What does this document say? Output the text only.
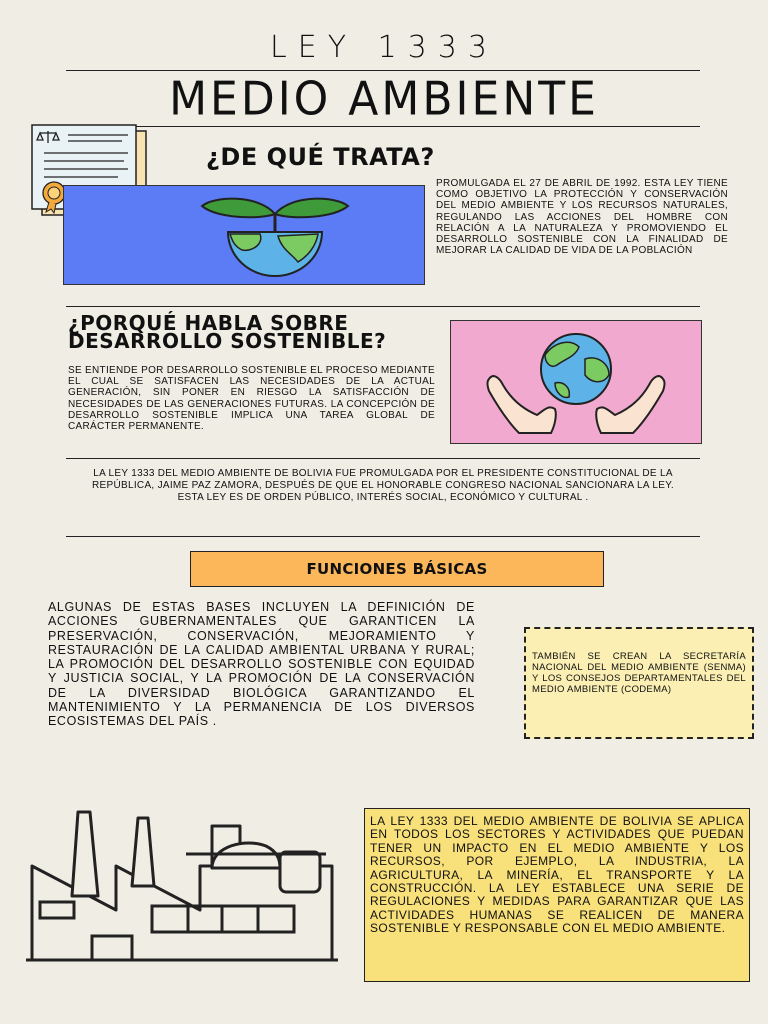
LEY 1333
MEDIO AMBIENTE
¿DE QUÉ TRATA?
PROMULGADA EL 27 DE ABRIL DE 1992. ESTA LEY TIENE COMO OBJETIVO LA PROTECCIÓN Y CONSERVACIÓN DEL MEDIO AMBIENTE Y LOS RECURSOS NATURALES, REGULANDO LAS ACCIONES DEL HOMBRE CON RELACIÓN A LA NATURALEZA Y PROMOVIENDO EL DESARROLLO SOSTENIBLE CON LA FINALIDAD DE MEJORAR LA CALIDAD DE VIDA DE LA POBLACIÓN
¿PORQUÉ HABLA SOBRE DESARROLLO SOSTENIBLE?
SE ENTIENDE POR DESARROLLO SOSTENIBLE EL PROCESO MEDIANTE EL CUAL SE SATISFACEN LAS NECESIDADES DE LA ACTUAL GENERACIÓN, SIN PONER EN RIESGO LA SATISFACCIÓN DE NECESIDADES DE LAS GENERACIONES FUTURAS. LA CONCEPCIÓN DE DESARROLLO SOSTENIBLE IMPLICA UNA TAREA GLOBAL DE CARÁCTER PERMANENTE.
LA LEY 1333 DEL MEDIO AMBIENTE DE BOLIVIA FUE PROMULGADA POR EL PRESIDENTE CONSTITUCIONAL DE LA REPÚBLICA, JAIME PAZ ZAMORA, DESPUÉS DE QUE EL HONORABLE CONGRESO NACIONAL SANCIONARA LA LEY. ESTA LEY ES DE ORDEN PÚBLICO, INTERÉS SOCIAL, ECONÓMICO Y CULTURAL .
FUNCIONES BÁSICAS
ALGUNAS DE ESTAS BASES INCLUYEN LA DEFINICIÓN DE ACCIONES GUBERNAMENTALES QUE GARANTICEN LA PRESERVACIÓN, CONSERVACIÓN, MEJORAMIENTO Y RESTAURACIÓN DE LA CALIDAD AMBIENTAL URBANA Y RURAL; LA PROMOCIÓN DEL DESARROLLO SOSTENIBLE CON EQUIDAD Y JUSTICIA SOCIAL, Y LA PROMOCIÓN DE LA CONSERVACIÓN DE LA DIVERSIDAD BIOLÓGICA GARANTIZANDO EL MANTENIMIENTO Y LA PERMANENCIA DE LOS DIVERSOS ECOSISTEMAS DEL PAÍS .
TAMBIÉN SE CREAN LA SECRETARÍA NACIONAL DEL MEDIO AMBIENTE (SENMA) Y LOS CONSEJOS DEPARTAMENTALES DEL MEDIO AMBIENTE (CODEMA)
LA LEY 1333 DEL MEDIO AMBIENTE DE BOLIVIA SE APLICA EN TODOS LOS SECTORES Y ACTIVIDADES QUE PUEDAN TENER UN IMPACTO EN EL MEDIO AMBIENTE Y LOS RECURSOS, POR EJEMPLO, LA INDUSTRIA, LA AGRICULTURA, LA MINERÍA, EL TRANSPORTE Y LA CONSTRUCCIÓN. LA LEY ESTABLECE UNA SERIE DE REGULACIONES Y MEDIDAS PARA GARANTIZAR QUE LAS ACTIVIDADES HUMANAS SE REALICEN DE MANERA SOSTENIBLE Y RESPONSABLE CON EL MEDIO AMBIENTE.
